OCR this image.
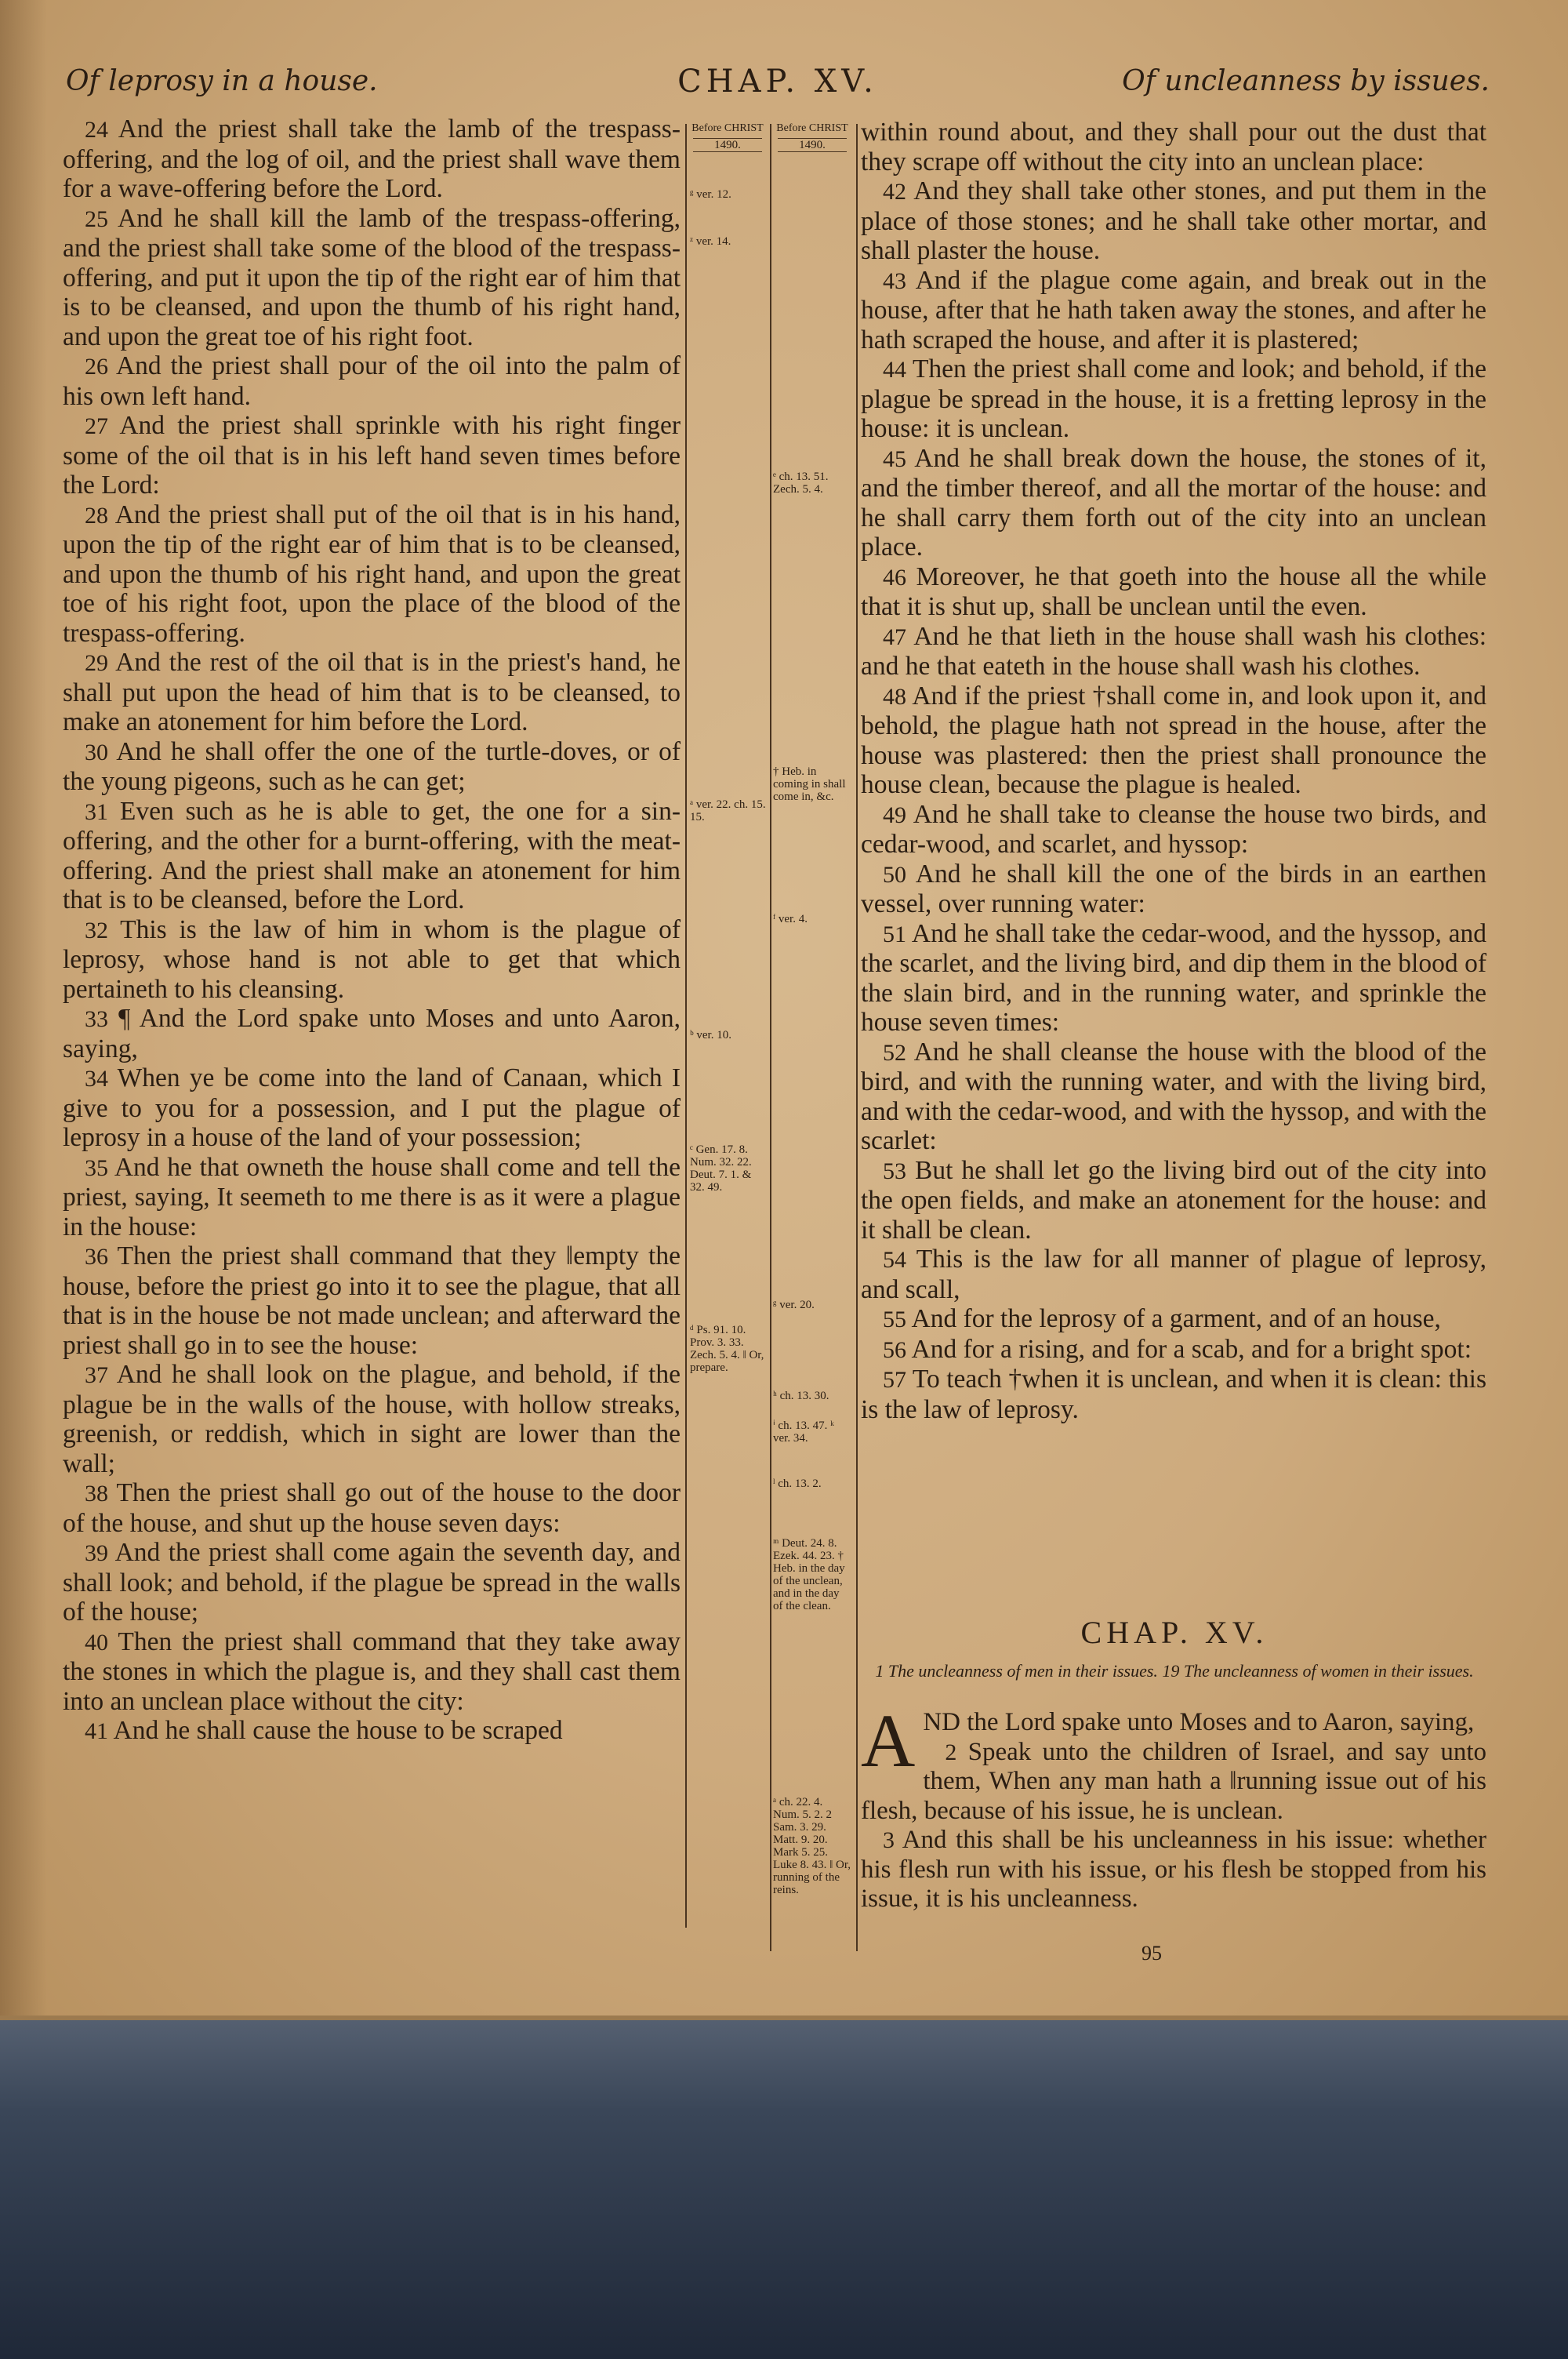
Of leprosy in a house.	CHAP. XV.	Of uncleanness by issues.
Before CHRIST
1490.
Before CHRIST
1490.
ᵍ ver. 12.
ᶻ ver. 14.
ᵃ ver. 22. ch. 15. 15.
ᵇ ver. 10.
ᶜ Gen. 17. 8. Num. 32. 22. Deut. 7. 1. & 32. 49.
ᵈ Ps. 91. 10. Prov. 3. 33. Zech. 5. 4. ‖ Or, prepare.
ᵉ ch. 13. 51. Zech. 5. 4.
† Heb. in coming in shall come in, &c.
ᶠ ver. 4.
ᵍ ver. 20.
ʰ ch. 13. 30.
ⁱ ch. 13. 47. ᵏ ver. 34.
ˡ ch. 13. 2.
ᵐ Deut. 24. 8. Ezek. 44. 23. † Heb. in the day of the unclean, and in the day of the clean.
ᵃ ch. 22. 4. Num. 5. 2. 2 Sam. 3. 29. Matt. 9. 20. Mark 5. 25. Luke 8. 43. ‖ Or, running of the reins.

24 And the priest shall take the lamb of the trespass-offering, and the log of oil, and the priest shall wave them for a wave-offering before the Lord.

25 And he shall kill the lamb of the trespass-offering, and the priest shall take some of the blood of the trespass-offering, and put it upon the tip of the right ear of him that is to be cleansed, and upon the thumb of his right hand, and upon the great toe of his right foot.

26 And the priest shall pour of the oil into the palm of his own left hand.

27 And the priest shall sprinkle with his right finger some of the oil that is in his left hand seven times before the Lord:

28 And the priest shall put of the oil that is in his hand, upon the tip of the right ear of him that is to be cleansed, and upon the thumb of his right hand, and upon the great toe of his right foot, upon the place of the blood of the trespass-offering.

29 And the rest of the oil that is in the priest's hand, he shall put upon the head of him that is to be cleansed, to make an atonement for him before the Lord.

30 And he shall offer the one of the turtle-doves, or of the young pigeons, such as he can get;

31 Even such as he is able to get, the one for a sin-offering, and the other for a burnt-offering, with the meat-offering. And the priest shall make an atonement for him that is to be cleansed, before the Lord.

32 This is the law of him in whom is the plague of leprosy, whose hand is not able to get that which pertaineth to his cleansing.

33 ¶ And the Lord spake unto Moses and unto Aaron, saying,

34 When ye be come into the land of Canaan, which I give to you for a possession, and I put the plague of leprosy in a house of the land of your possession;

35 And he that owneth the house shall come and tell the priest, saying, It seemeth to me there is as it were a plague in the house:

36 Then the priest shall command that they ‖empty the house, before the priest go into it to see the plague, that all that is in the house be not made unclean; and afterward the priest shall go in to see the house:

37 And he shall look on the plague, and behold, if the plague be in the walls of the house, with hollow streaks, greenish, or reddish, which in sight are lower than the wall;

38 Then the priest shall go out of the house to the door of the house, and shut up the house seven days:

39 And the priest shall come again the seventh day, and shall look; and behold, if the plague be spread in the walls of the house;

40 Then the priest shall command that they take away the stones in which the plague is, and they shall cast them into an unclean place without the city:

41 And he shall cause the house to be scraped

within round about, and they shall pour out the dust that they scrape off without the city into an unclean place:

42 And they shall take other stones, and put them in the place of those stones; and he shall take other mortar, and shall plaster the house.

43 And if the plague come again, and break out in the house, after that he hath taken away the stones, and after he hath scraped the house, and after it is plastered;

44 Then the priest shall come and look; and behold, if the plague be spread in the house, it is a fretting leprosy in the house: it is unclean.

45 And he shall break down the house, the stones of it, and the timber thereof, and all the mortar of the house: and he shall carry them forth out of the city into an unclean place.

46 Moreover, he that goeth into the house all the while that it is shut up, shall be unclean until the even.

47 And he that lieth in the house shall wash his clothes: and he that eateth in the house shall wash his clothes.

48 And if the priest †shall come in, and look upon it, and behold, the plague hath not spread in the house, after the house was plastered: then the priest shall pronounce the house clean, because the plague is healed.

49 And he shall take to cleanse the house two birds, and cedar-wood, and scarlet, and hyssop:

50 And he shall kill the one of the birds in an earthen vessel, over running water:

51 And he shall take the cedar-wood, and the hyssop, and the scarlet, and the living bird, and dip them in the blood of the slain bird, and in the running water, and sprinkle the house seven times:

52 And he shall cleanse the house with the blood of the bird, and with the running water, and with the living bird, and with the cedar-wood, and with the hyssop, and with the scarlet:

53 But he shall let go the living bird out of the city into the open fields, and make an atonement for the house: and it shall be clean.

54 This is the law for all manner of plague of leprosy, and scall,

55 And for the leprosy of a garment, and of an house,

56 And for a rising, and for a scab, and for a bright spot:

57 To teach †when it is unclean, and when it is clean: this is the law of leprosy.

CHAP. XV.
1 The uncleanness of men in their issues. 19 The uncleanness of women in their issues.

AND the Lord spake unto Moses and to Aaron, saying,

2 Speak unto the children of Israel, and say unto them, When any man hath a ‖running issue out of his flesh, because of his issue, he is unclean.

3 And this shall be his uncleanness in his issue: whether his flesh run with his issue, or his flesh be stopped from his issue, it is his uncleanness.

95
